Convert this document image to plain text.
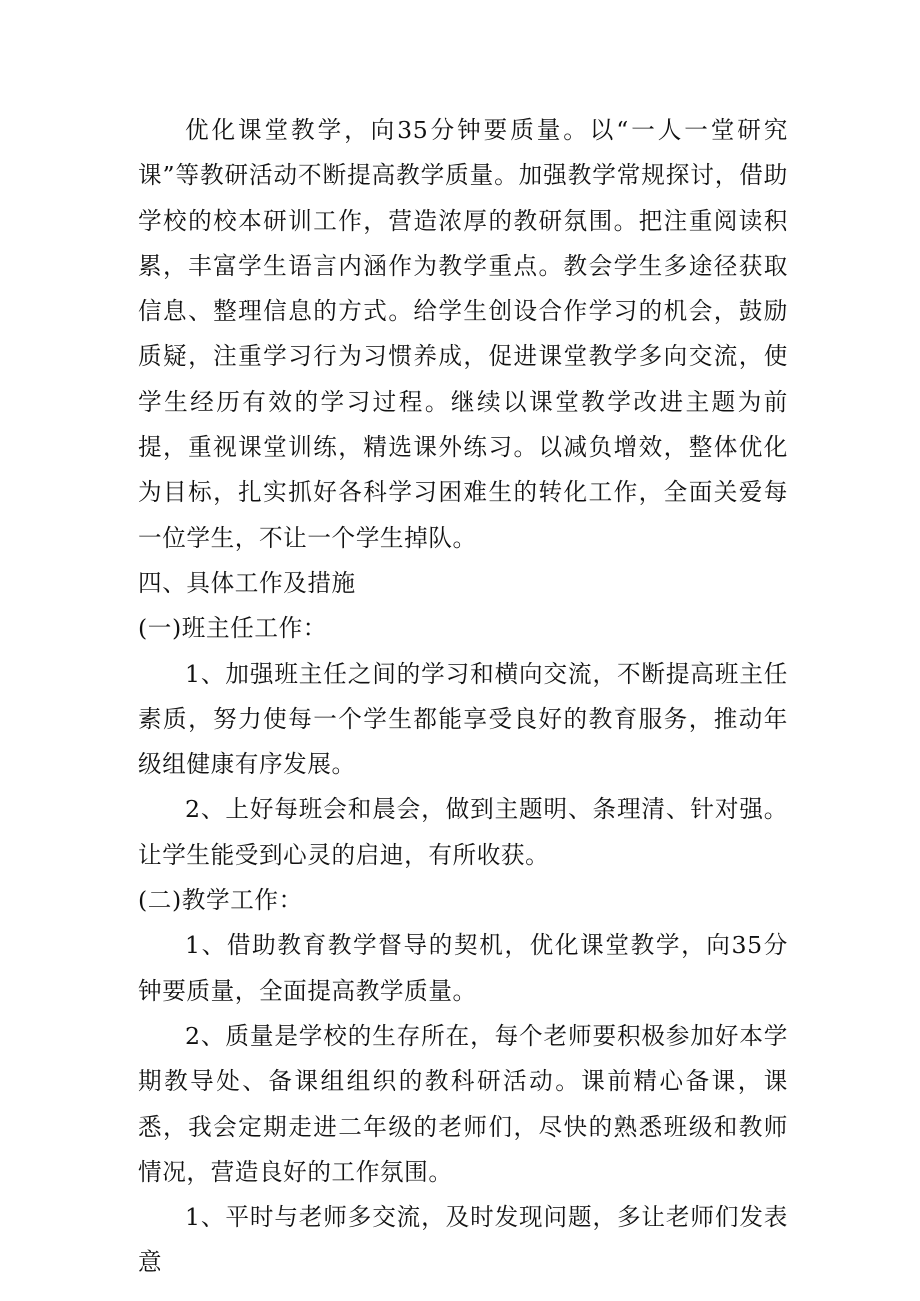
优化课堂教学，向35分钟要质量。以“一人一堂研究课”等教研活动不断提高教学质量。加强教学常规探讨，借助学校的校本研训工作，营造浓厚的教研氛围。把注重阅读积累，丰富学生语言内涵作为教学重点。教会学生多途径获取信息、整理信息的方式。给学生创设合作学习的机会，鼓励质疑，注重学习行为习惯养成，促进课堂教学多向交流，使学生经历有效的学习过程。继续以课堂教学改进主题为前提，重视课堂训练，精选课外练习。以减负增效，整体优化为目标，扎实抓好各科学习困难生的转化工作，全面关爱每一位学生，不让一个学生掉队。

四、具体工作及措施

(一)班主任工作：

1、加强班主任之间的学习和横向交流，不断提高班主任素质，努力使每一个学生都能享受良好的教育服务，推动年级组健康有序发展。

2、上好每班会和晨会，做到主题明、条理清、针对强。让学生能受到心灵的启迪，有所收获。

(二)教学工作：

1、借助教育教学督导的契机，优化课堂教学，向35分钟要质量，全面提高教学质量。

2、质量是学校的生存所在，每个老师要积极参加好本学期教导处、备课组组织的教科研活动。课前精心备课，课悉，我会定期走进二年级的老师们，尽快的熟悉班级和教师情况，营造良好的工作氛围。

1、平时与老师多交流，及时发现问题，多让老师们发表意
